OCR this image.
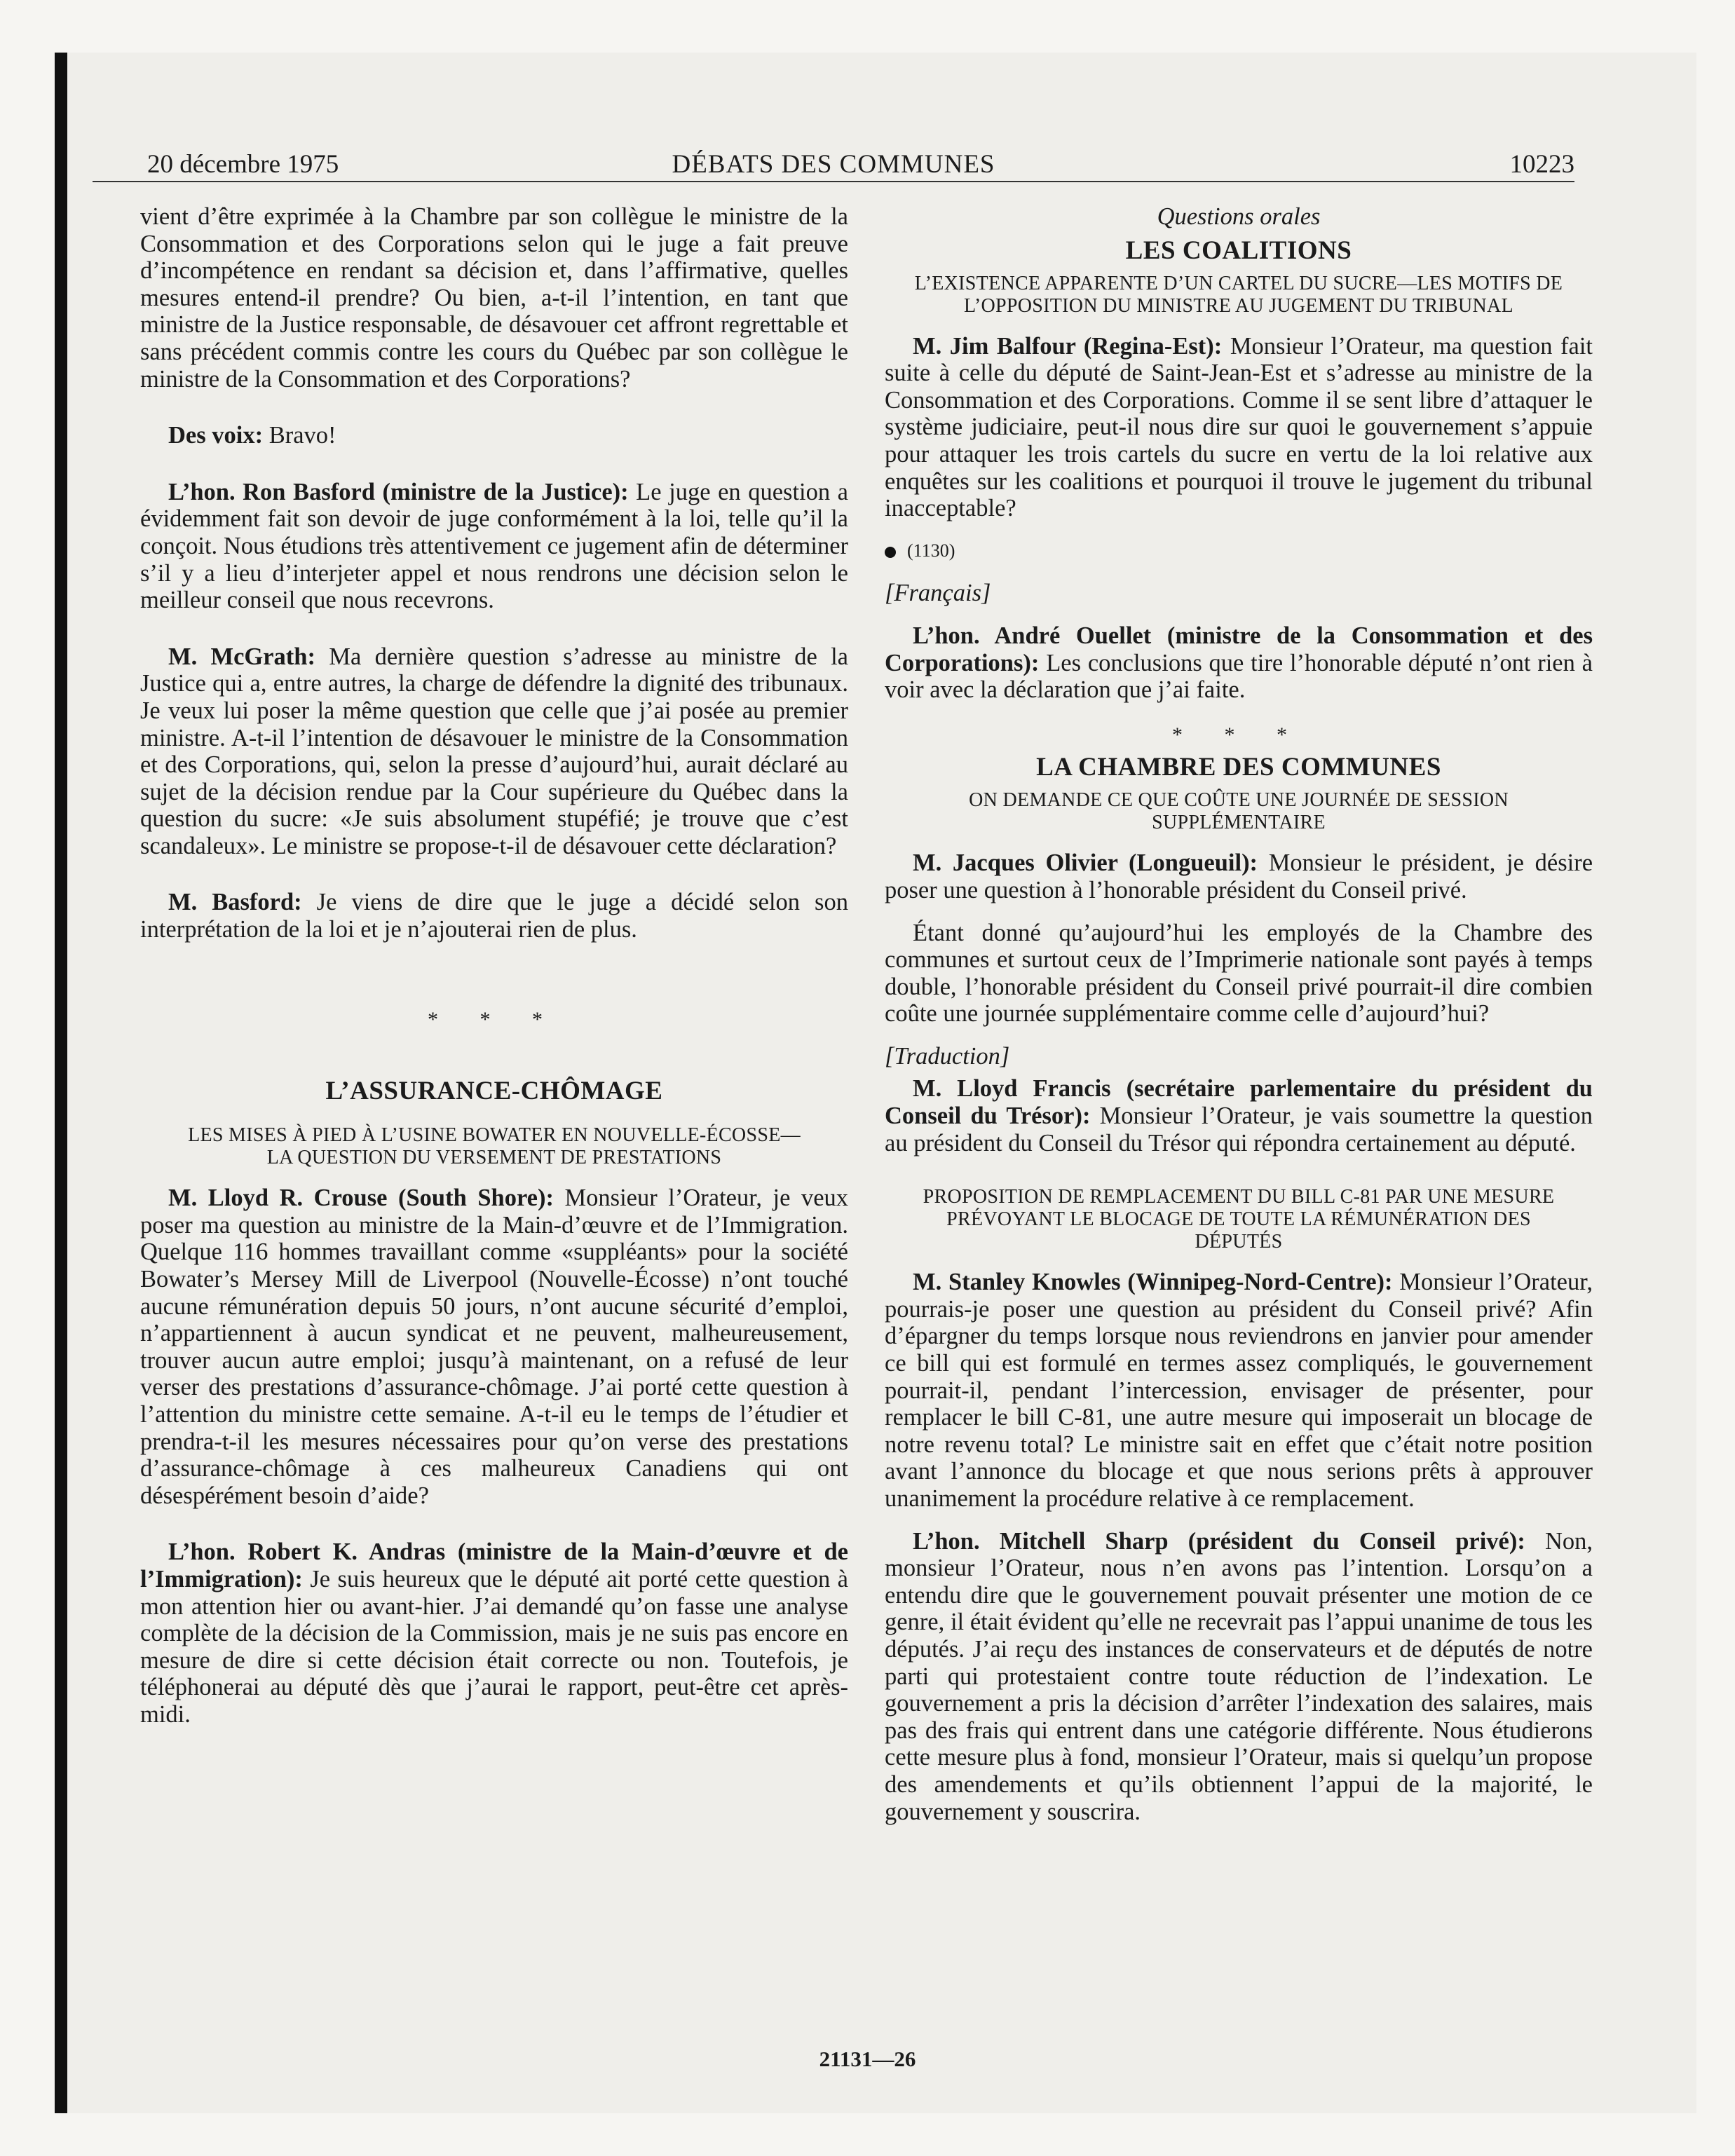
20 décembre 1975	DÉBATS DES COMMUNES	10223

vient d’être exprimée à la Chambre par son collègue le ministre de la Consommation et des Corporations selon qui le juge a fait preuve d’incompétence en rendant sa décision et, dans l’affirmative, quelles mesures entend-il prendre? Ou bien, a-t-il l’intention, en tant que ministre de la Justice responsable, de désavouer cet affront regrettable et sans précédent commis contre les cours du Québec par son collègue le ministre de la Consommation et des Corporations?

Des voix: Bravo!

L’hon. Ron Basford (ministre de la Justice): Le juge en question a évidemment fait son devoir de juge conformément à la loi, telle qu’il la conçoit. Nous étudions très attentivement ce jugement afin de déterminer s’il y a lieu d’interjeter appel et nous rendrons une décision selon le meilleur conseil que nous recevrons.

M. McGrath: Ma dernière question s’adresse au ministre de la Justice qui a, entre autres, la charge de défendre la dignité des tribunaux. Je veux lui poser la même question que celle que j’ai posée au premier ministre. A-t-il l’intention de désavouer le ministre de la Consommation et des Corporations, qui, selon la presse d’aujourd’hui, aurait déclaré au sujet de la décision rendue par la Cour supérieure du Québec dans la question du sucre: «Je suis absolument stupéfié; je trouve que c’est scandaleux». Le ministre se propose-t-il de désavouer cette déclaration?

M. Basford: Je viens de dire que le juge a décidé selon son interprétation de la loi et je n’ajouterai rien de plus.

* * *

L’ASSURANCE-CHÔMAGE

LES MISES À PIED À L’USINE BOWATER EN NOUVELLE-ÉCOSSE—LA QUESTION DU VERSEMENT DE PRESTATIONS

M. Lloyd R. Crouse (South Shore): Monsieur l’Orateur, je veux poser ma question au ministre de la Main-d’œuvre et de l’Immigration. Quelque 116 hommes travaillant comme «suppléants» pour la société Bowater’s Mersey Mill de Liverpool (Nouvelle-Écosse) n’ont touché aucune rémunération depuis 50 jours, n’ont aucune sécurité d’emploi, n’appartiennent à aucun syndicat et ne peuvent, malheureusement, trouver aucun autre emploi; jusqu’à maintenant, on a refusé de leur verser des prestations d’assurance-chômage. J’ai porté cette question à l’attention du ministre cette semaine. A-t-il eu le temps de l’étudier et prendra-t-il les mesures nécessaires pour qu’on verse des prestations d’assurance-chômage à ces malheureux Canadiens qui ont désespérément besoin d’aide?

L’hon. Robert K. Andras (ministre de la Main-d’œuvre et de l’Immigration): Je suis heureux que le député ait porté cette question à mon attention hier ou avant-hier. J’ai demandé qu’on fasse une analyse complète de la décision de la Commission, mais je ne suis pas encore en mesure de dire si cette décision était correcte ou non. Toutefois, je téléphonerai au député dès que j’aurai le rapport, peut-être cet après-midi.

Questions orales

LES COALITIONS

L’EXISTENCE APPARENTE D’UN CARTEL DU SUCRE—LES MOTIFS DE L’OPPOSITION DU MINISTRE AU JUGEMENT DU TRIBUNAL

M. Jim Balfour (Regina-Est): Monsieur l’Orateur, ma question fait suite à celle du député de Saint-Jean-Est et s’adresse au ministre de la Consommation et des Corporations. Comme il se sent libre d’attaquer le système judiciaire, peut-il nous dire sur quoi le gouvernement s’appuie pour attaquer les trois cartels du sucre en vertu de la loi relative aux enquêtes sur les coalitions et pourquoi il trouve le jugement du tribunal inacceptable?

(1130)

[Français]

L’hon. André Ouellet (ministre de la Consommation et des Corporations): Les conclusions que tire l’honorable député n’ont rien à voir avec la déclaration que j’ai faite.

* * *

LA CHAMBRE DES COMMUNES

ON DEMANDE CE QUE COÛTE UNE JOURNÉE DE SESSION SUPPLÉMENTAIRE

M. Jacques Olivier (Longueuil): Monsieur le président, je désire poser une question à l’honorable président du Conseil privé.

Étant donné qu’aujourd’hui les employés de la Chambre des communes et surtout ceux de l’Imprimerie nationale sont payés à temps double, l’honorable président du Conseil privé pourrait-il dire combien coûte une journée supplémentaire comme celle d’aujourd’hui?

[Traduction]

M. Lloyd Francis (secrétaire parlementaire du président du Conseil du Trésor): Monsieur l’Orateur, je vais soumettre la question au président du Conseil du Trésor qui répondra certainement au député.

PROPOSITION DE REMPLACEMENT DU BILL C-81 PAR UNE MESURE PRÉVOYANT LE BLOCAGE DE TOUTE LA RÉMUNÉRATION DES DÉPUTÉS

M. Stanley Knowles (Winnipeg-Nord-Centre): Monsieur l’Orateur, pourrais-je poser une question au président du Conseil privé? Afin d’épargner du temps lorsque nous reviendrons en janvier pour amender ce bill qui est formulé en termes assez compliqués, le gouvernement pourrait-il, pendant l’intercession, envisager de présenter, pour remplacer le bill C-81, une autre mesure qui imposerait un blocage de notre revenu total? Le ministre sait en effet que c’était notre position avant l’annonce du blocage et que nous serions prêts à approuver unanimement la procédure relative à ce remplacement.

L’hon. Mitchell Sharp (président du Conseil privé): Non, monsieur l’Orateur, nous n’en avons pas l’intention. Lorsqu’on a entendu dire que le gouvernement pouvait présenter une motion de ce genre, il était évident qu’elle ne recevrait pas l’appui unanime de tous les députés. J’ai reçu des instances de conservateurs et de députés de notre parti qui protestaient contre toute réduction de l’indexation. Le gouvernement a pris la décision d’arrêter l’indexation des salaires, mais pas des frais qui entrent dans une catégorie différente. Nous étudierons cette mesure plus à fond, monsieur l’Orateur, mais si quelqu’un propose des amendements et qu’ils obtiennent l’appui de la majorité, le gouvernement y souscrira.

21131—26
